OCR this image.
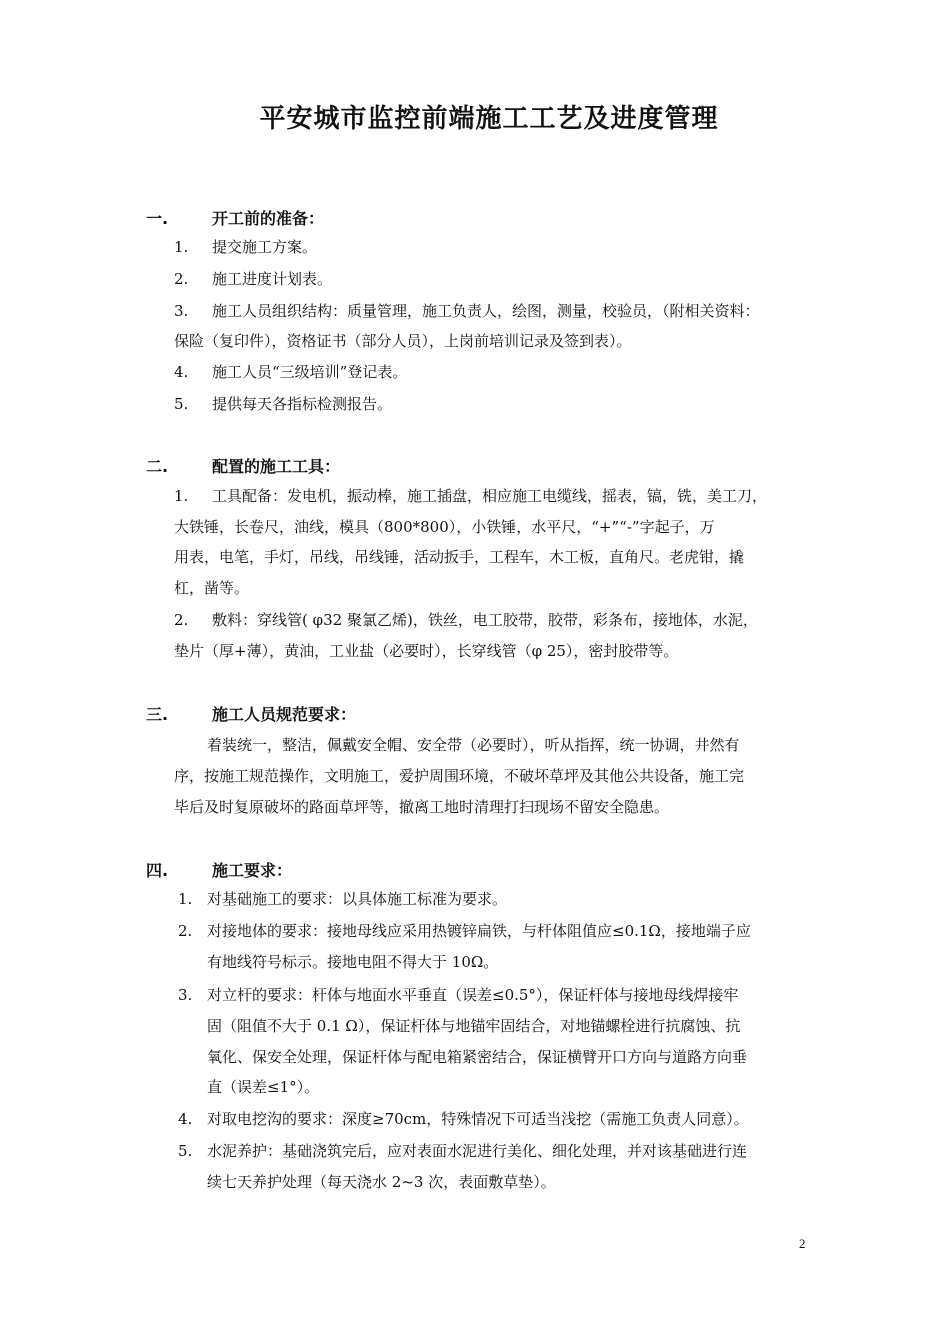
平安城市监控前端施工工艺及进度管理
一.	开工前的准备：
1. 提交施工方案。
2. 施工进度计划表。
3. 施工人员组织结构：质量管理，施工负责人，绘图，测量，校验员，（附相关资料：
保险（复印件），资格证书（部分人员），上岗前培训记录及签到表）。
4. 施工人员“三级培训”登记表。
5. 提供每天各指标检测报告。
二.	配置的施工工具：
1. 工具配备：发电机，振动棒，施工插盘，相应施工电缆线，摇表，镐，铣，美工刀，
大铁锤，长卷尺，油线，模具（800*800），小铁锤，水平尺，“+”“-”字起子，万
用表，电笔，手灯，吊线，吊线锤，活动扳手，工程车，木工板，直角尺。老虎钳，撬
杠，凿等。
2. 敷料：穿线管( φ32 聚氯乙烯)，铁丝，电工胶带，胶带，彩条布，接地体，水泥，
垫片（厚+薄），黄油，工业盐（必要时），长穿线管（φ 25），密封胶带等。
三.	施工人员规范要求：
着装统一，整洁，佩戴安全帽、安全带（必要时），听从指挥，统一协调，井然有
序，按施工规范操作，文明施工，爱护周围环境，不破坏草坪及其他公共设备，施工完
毕后及时复原破坏的路面草坪等，撤离工地时清理打扫现场不留安全隐患。
四.	施工要求：
1. 对基础施工的要求：以具体施工标准为要求。
2. 对接地体的要求：接地母线应采用热镀锌扁铁，与杆体阻值应≤0.1Ω，接地端子应
有地线符号标示。接地电阻不得大于 10Ω。
3. 对立杆的要求：杆体与地面水平垂直（误差≤0.5°），保证杆体与接地母线焊接牢
固（阻值不大于 0.1 Ω），保证杆体与地锚牢固结合，对地锚螺栓进行抗腐蚀、抗
氧化、保安全处理，保证杆体与配电箱紧密结合，保证横臂开口方向与道路方向垂
直（误差≤1°）。
4. 对取电挖沟的要求：深度≥70cm，特殊情况下可适当浅挖（需施工负责人同意）。
5. 水泥养护：基础浇筑完后，应对表面水泥进行美化、细化处理，并对该基础进行连
续七天养护处理（每天浇水 2~3 次，表面敷草垫）。
2
